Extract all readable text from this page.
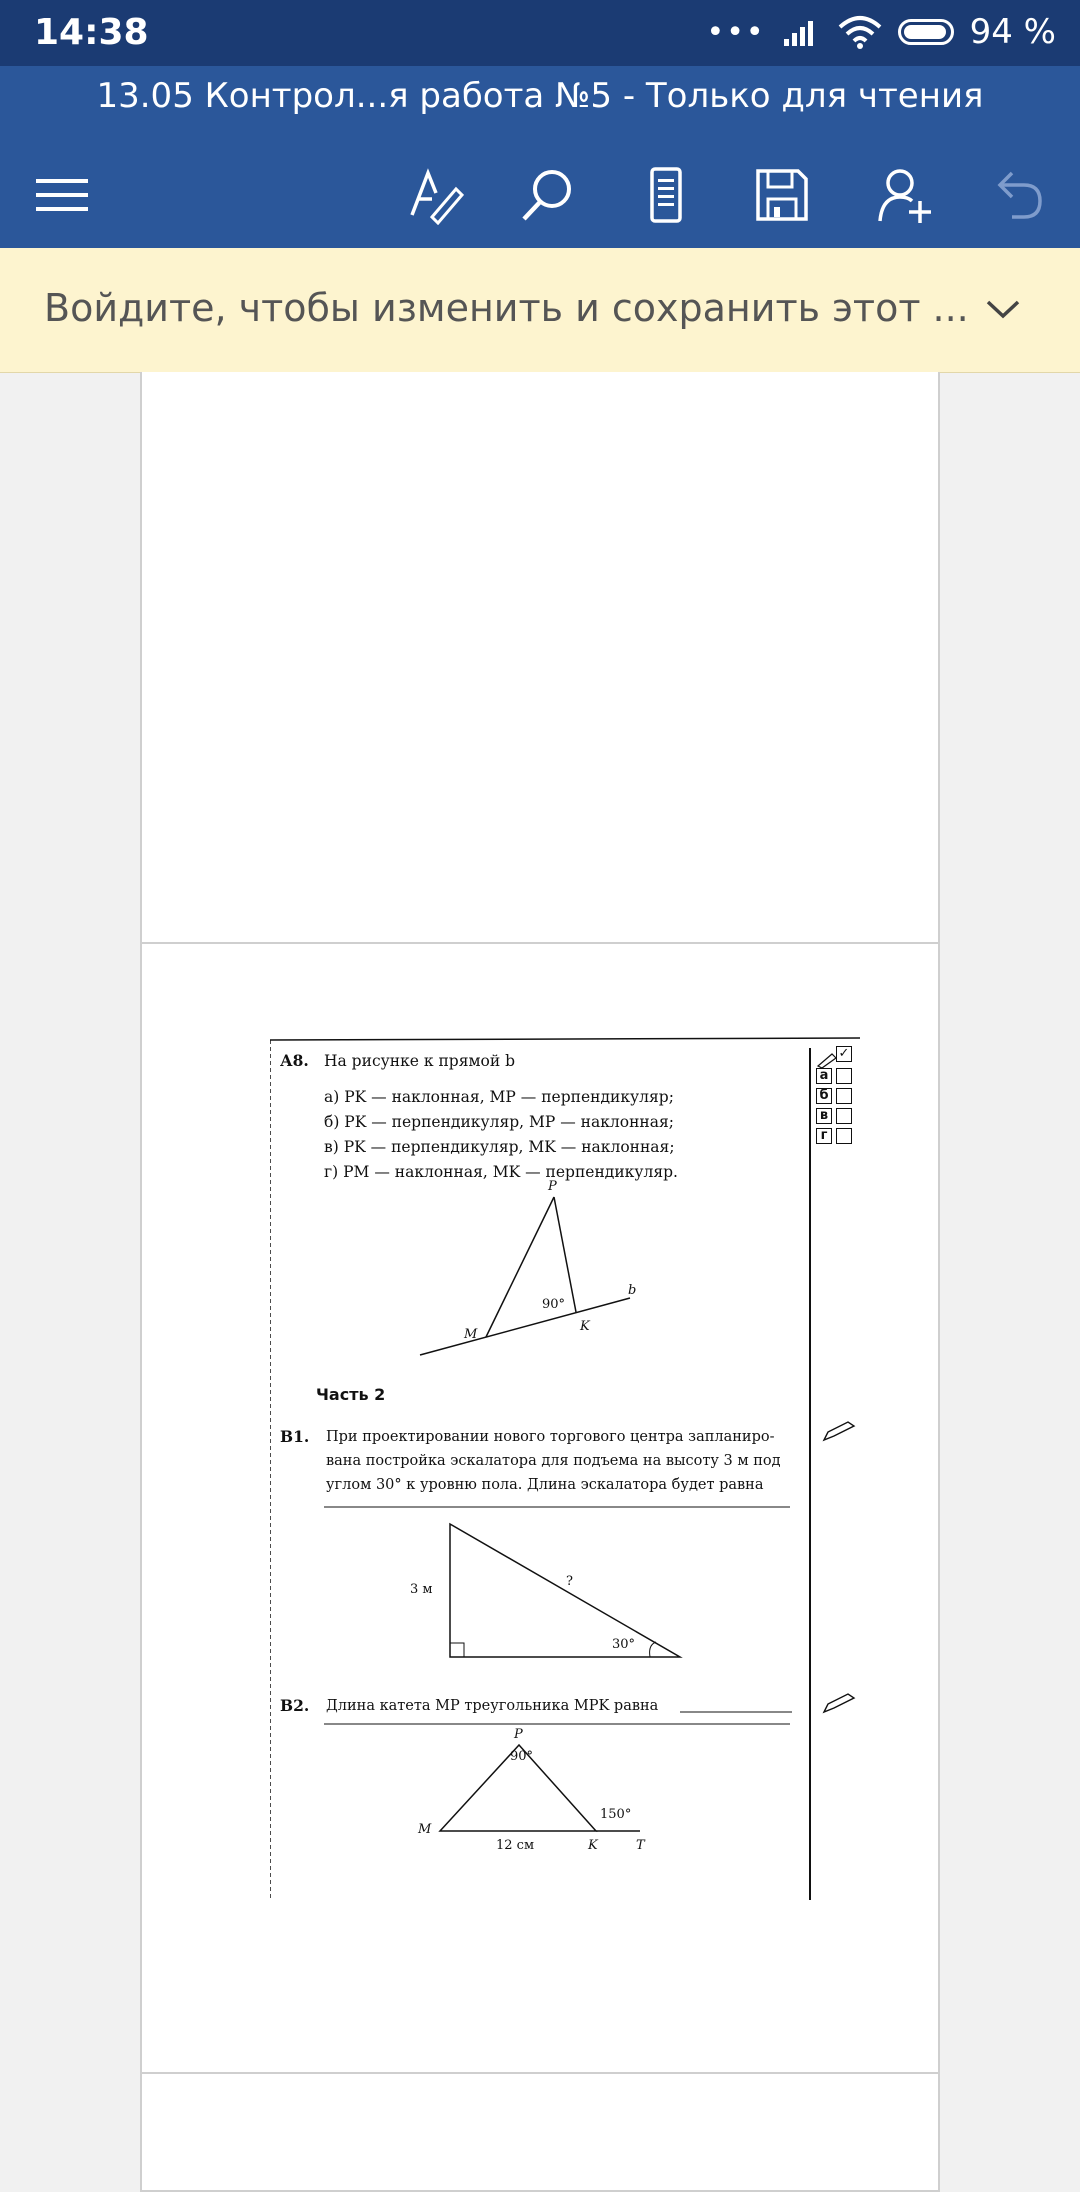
14:38	•••	94 %
13.05 Контрол...я работа №5 - Только для чтения
Войдите, чтобы изменить и сохранить этот ...
А8. На рисунке к прямой b
а) PK — наклонная, MP — перпендикуляр;
б) PK — перпендикуляр, MP — наклонная;
в) PK — перпендикуляр, MK — наклонная;
г) PM — наклонная, MK — перпендикуляр.
P
M
K
b
90°
✓
а
б
в
г
Часть 2
В1. При проектировании нового торгового центра запланиро-
вана постройка эскалатора для подъема на высоту 3 м под
углом 30° к уровню пола. Длина эскалатора будет равна
3 м
?
30°
В2. Длина катета MP треугольника MPK равна
P
90°
M
12 см	K
150°
T
